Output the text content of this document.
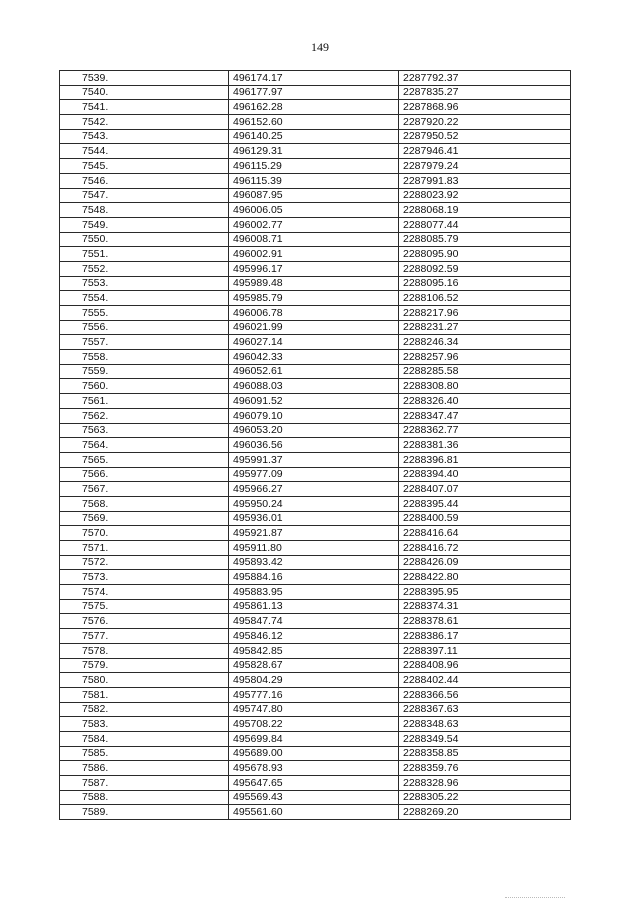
149
7539.	496174.17	2287792.37
7540.	496177.97	2287835.27
7541.	496162.28	2287868.96
7542.	496152.60	2287920.22
7543.	496140.25	2287950.52
7544.	496129.31	2287946.41
7545.	496115.29	2287979.24
7546.	496115.39	2287991.83
7547.	496087.95	2288023.92
7548.	496006.05	2288068.19
7549.	496002.77	2288077.44
7550.	496008.71	2288085.79
7551.	496002.91	2288095.90
7552.	495996.17	2288092.59
7553.	495989.48	2288095.16
7554.	495985.79	2288106.52
7555.	496006.78	2288217.96
7556.	496021.99	2288231.27
7557.	496027.14	2288246.34
7558.	496042.33	2288257.96
7559.	496052.61	2288285.58
7560.	496088.03	2288308.80
7561.	496091.52	2288326.40
7562.	496079.10	2288347.47
7563.	496053.20	2288362.77
7564.	496036.56	2288381.36
7565.	495991.37	2288396.81
7566.	495977.09	2288394.40
7567.	495966.27	2288407.07
7568.	495950.24	2288395.44
7569.	495936.01	2288400.59
7570.	495921.87	2288416.64
7571.	495911.80	2288416.72
7572.	495893.42	2288426.09
7573.	495884.16	2288422.80
7574.	495883.95	2288395.95
7575.	495861.13	2288374.31
7576.	495847.74	2288378.61
7577.	495846.12	2288386.17
7578.	495842.85	2288397.11
7579.	495828.67	2288408.96
7580.	495804.29	2288402.44
7581.	495777.16	2288366.56
7582.	495747.80	2288367.63
7583.	495708.22	2288348.63
7584.	495699.84	2288349.54
7585.	495689.00	2288358.85
7586.	495678.93	2288359.76
7587.	495647.65	2288328.96
7588.	495569.43	2288305.22
7589.	495561.60	2288269.20
